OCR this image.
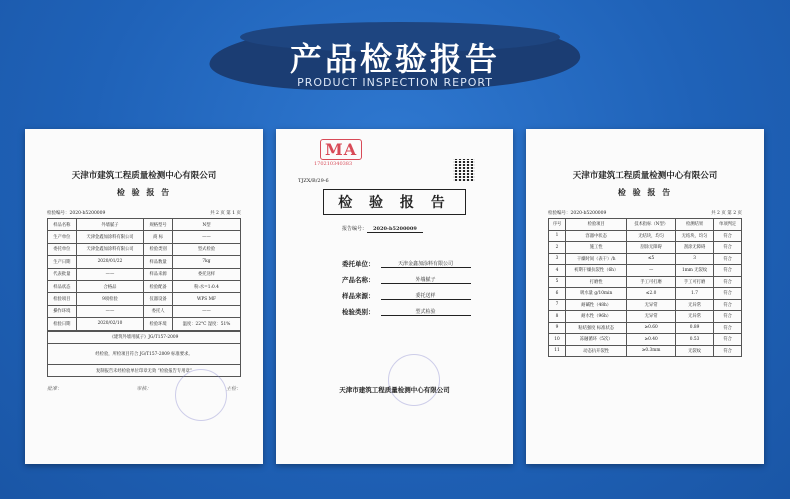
产品检验报告
PRODUCT INSPECTION REPORT
天津市建筑工程质量检测中心有限公司
检 验 报 告
检验编号：2020-b5200009	共 2 页 第 1 页
样品名称	外墙腻子	规格型号	N型
生产单位	天津金鑫加涂料有限公司	商 标	——
委托单位	天津金鑫加涂料有限公司	检验类别	型式检验
生产日期	2020/01/22	样品数量	7kg
代表批量	——	样品来源	委托送样
样品状态	合格品	检验配备	粉:水=1:0.4
检验项目	9项检验	仪器设备	WPS MF
操作环境	——	委托人	——
检验日期	2020/02/10	检验环境	温度：22°C 湿度：51%
《建筑外墙用腻子》JG/T157-2009
经检验，所检项目符合 JG/T157-2009 标准要求。
复制报告未经检验单位印章无效 “检验报告专用章”
批准：	审核：	主检：
MA
170210340383
TJZX/B/29-6
检 验 报 告
报告编号： 2020-b5200009
委托单位：	天津金鑫加涂料有限公司
产品名称：	外墙腻子
样品来源：	委托送样
检验类别：	型式检验
天津市建筑工程质量检测中心有限公司
天津市建筑工程质量检测中心有限公司
检 验 报 告
检验编号：2020-b5200009	共 2 页 第 2 页
序号	检验项目	技术指标（N型）	检测结果	单项判定
1	容器中状态	无结块，均匀	无结块，均匀	符合
2	施工性	刮涂无障碍	刮涂无障碍	符合
3	干燥时间（表干）/h	≤5	3	符合
4	初期干燥抗裂性（6h）	—	1mm 无裂纹	符合
5	打磨性	手工可打磨	手工可打磨	符合
6	吸水量 g/10min	≤2.0	1.7	符合
7	耐碱性（48h）	无异常	无异常	符合
8	耐水性（96h）	无异常	无异常	符合
9	粘结强度 标准状态	≥0.60	0.89	符合
10	冻融循环（5次）	≥0.40	0.53	符合
11	动态抗开裂性	≥0.3mm	无裂纹	符合
